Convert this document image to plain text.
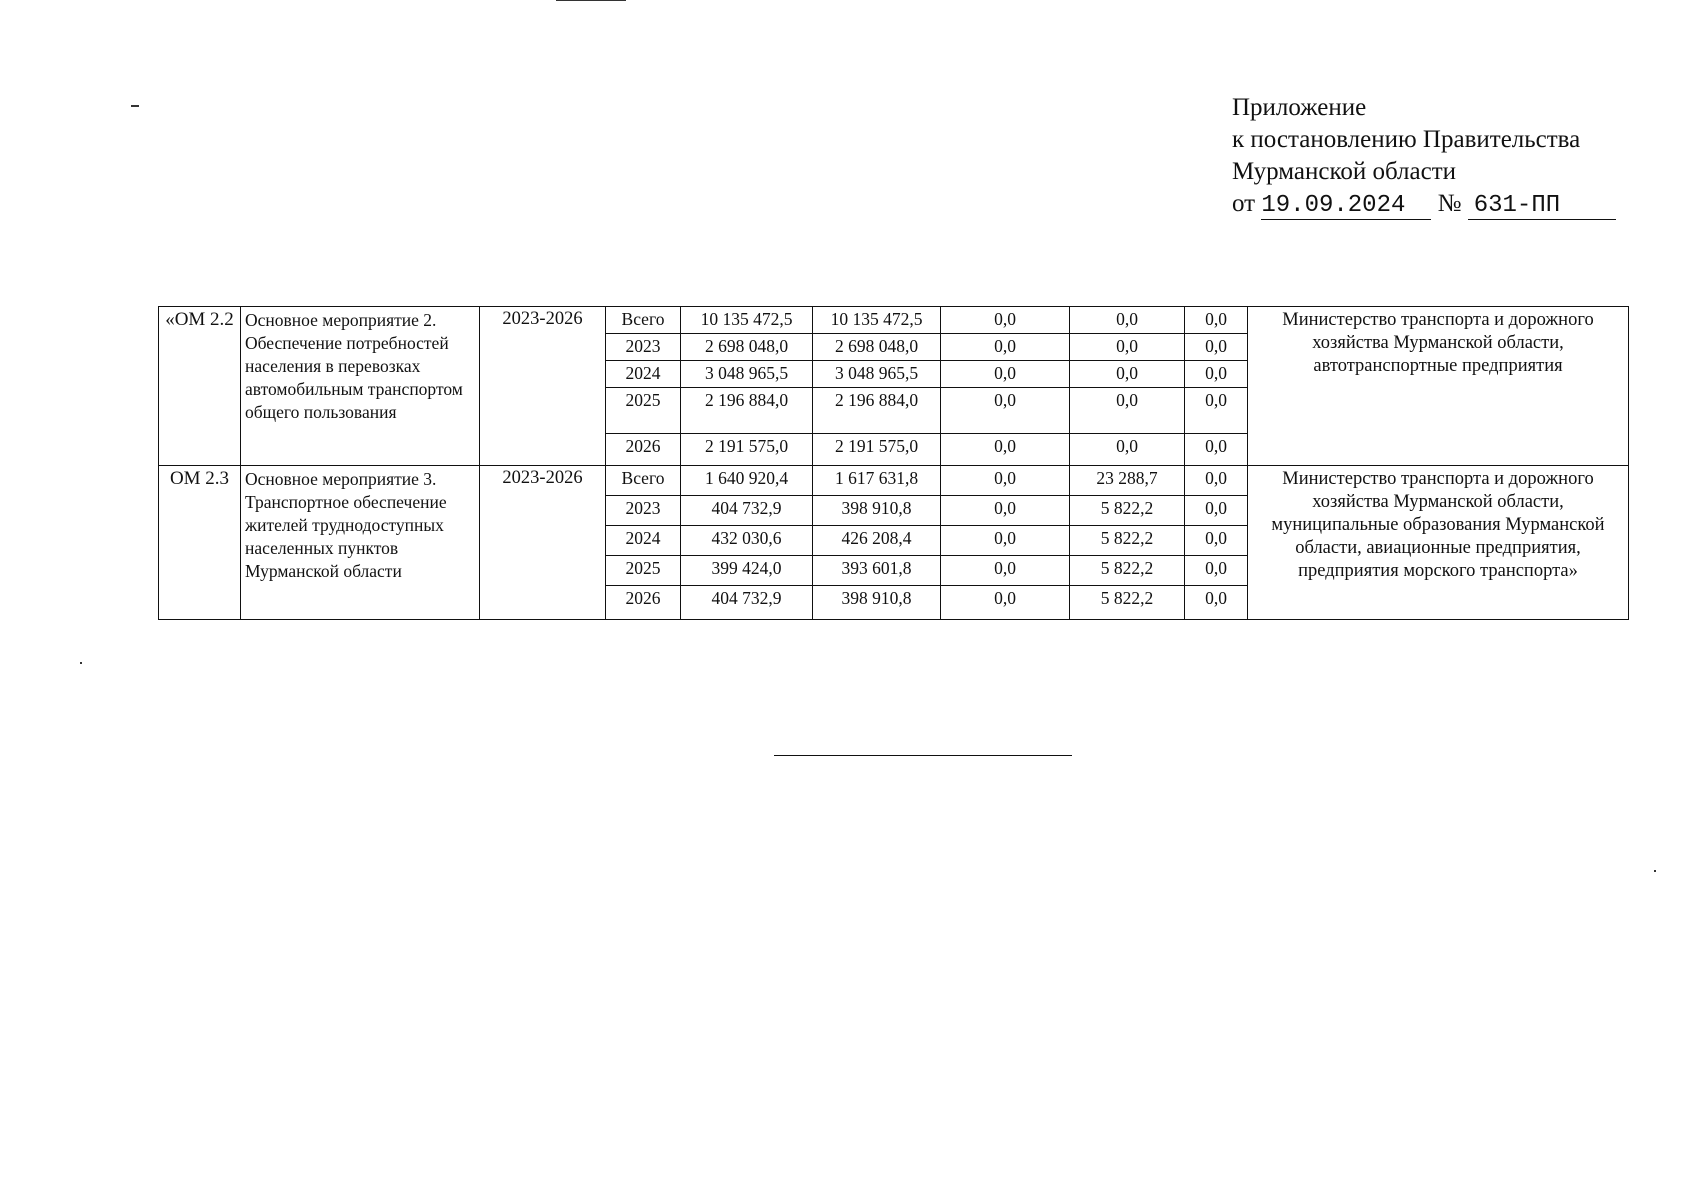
Приложение
к постановлению Правительства
Мурманской области
от 19.09.2024 № 631-ПП
«ОМ 2.2	Основное мероприятие 2. Обеспечение потребностей населения в перевозках автомобильным транспортом общего пользования	2023-2026	Всего	10 135 472,5	10 135 472,5	0,0	0,0	0,0	Министерство транспорта и дорожного хозяйства Мурманской области, автотранспортные предприятия
			2023	2 698 048,0	2 698 048,0	0,0	0,0	0,0	
			2024	3 048 965,5	3 048 965,5	0,0	0,0	0,0	
			2025	2 196 884,0	2 196 884,0	0,0	0,0	0,0	
			2026	2 191 575,0	2 191 575,0	0,0	0,0	0,0	
ОМ 2.3	Основное мероприятие 3. Транспортное обеспечение жителей труднодоступных населенных пунктов Мурманской области	2023-2026	Всего	1 640 920,4	1 617 631,8	0,0	23 288,7	0,0	Министерство транспорта и дорожного хозяйства Мурманской области, муниципальные образования Мурманской области, авиационные предприятия, предприятия морского транспорта»
			2023	404 732,9	398 910,8	0,0	5 822,2	0,0	
			2024	432 030,6	426 208,4	0,0	5 822,2	0,0	
			2025	399 424,0	393 601,8	0,0	5 822,2	0,0	
			2026	404 732,9	398 910,8	0,0	5 822,2	0,0	
